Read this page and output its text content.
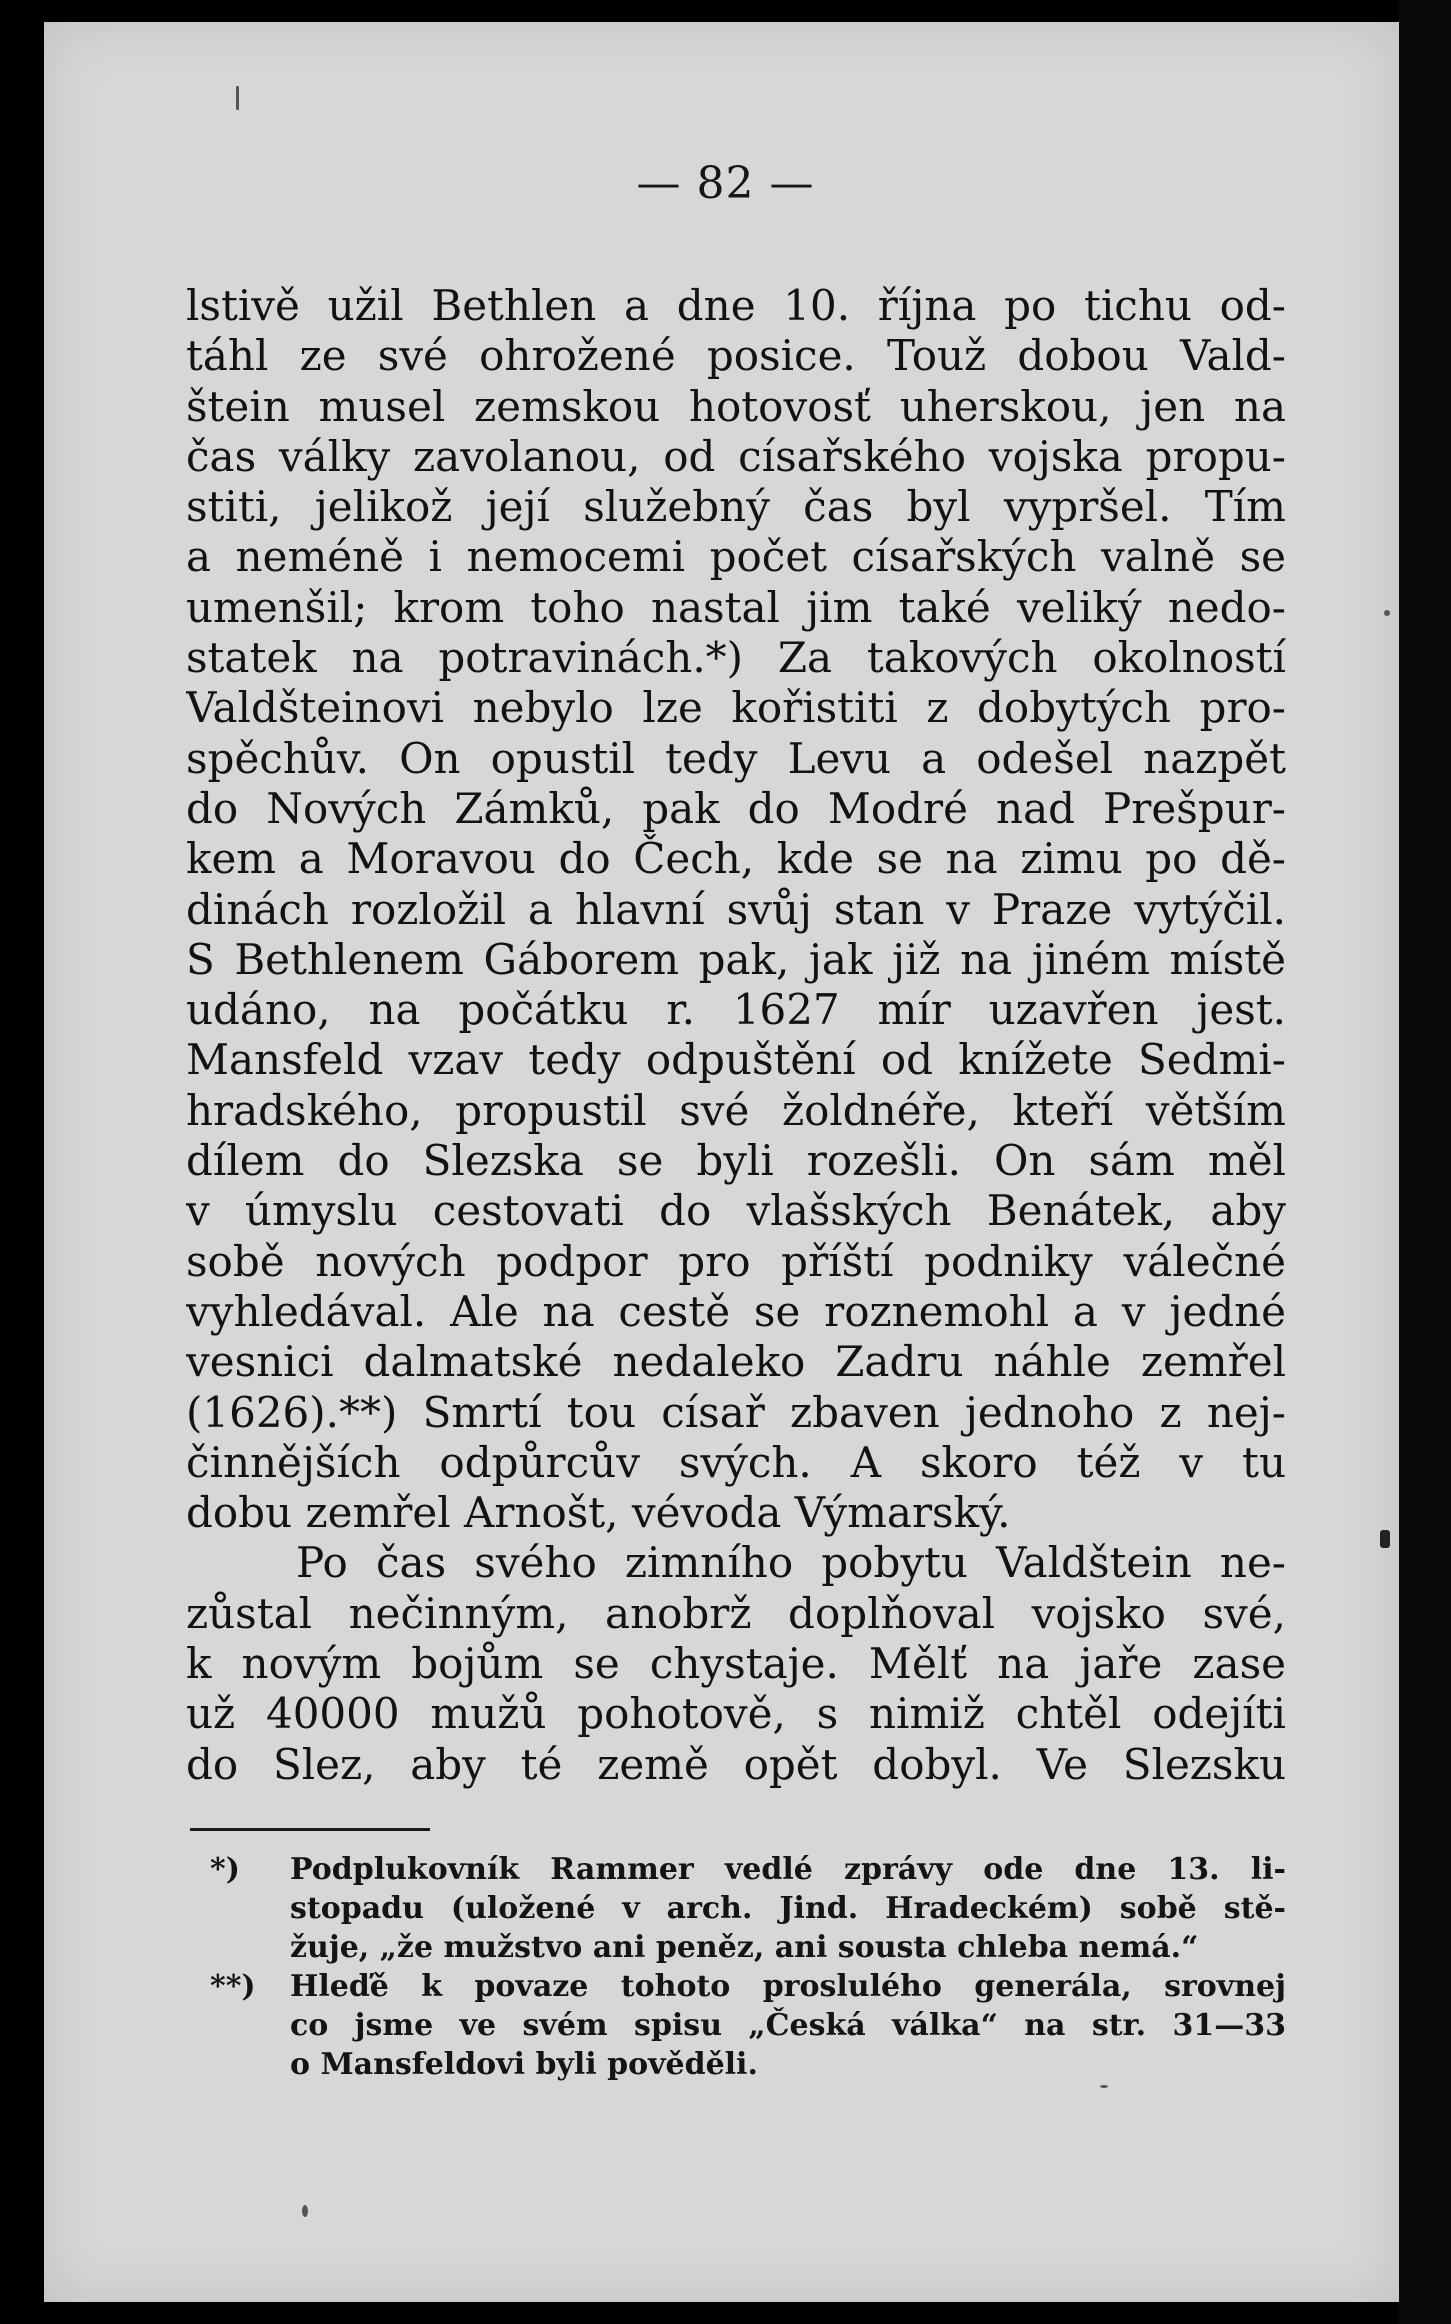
— 82 —
lstivě užil Bethlen a dne 10. října po tichu od-
táhl ze své ohrožené posice. Touž dobou Vald-
štein musel zemskou hotovosť uherskou, jen na
čas války zavolanou, od císařského vojska propu-
stiti, jelikož její služebný čas byl vypršel. Tím
a neméně i nemocemi počet císařských valně se
umenšil; krom toho nastal jim také veliký nedo-
statek na potravinách.*) Za takových okolností
Valdšteinovi nebylo lze kořistiti z dobytých pro-
spěchův. On opustil tedy Levu a odešel nazpět
do Nových Zámků, pak do Modré nad Prešpur-
kem a Moravou do Čech, kde se na zimu po dě-
dinách rozložil a hlavní svůj stan v Praze vytýčil.
S Bethlenem Gáborem pak, jak již na jiném místě
udáno, na počátku r. 1627 mír uzavřen jest.
Mansfeld vzav tedy odpuštění od knížete Sedmi-
hradského, propustil své žoldnéře, kteří větším
dílem do Slezska se byli rozešli. On sám měl
v úmyslu cestovati do vlašských Benátek, aby
sobě nových podpor pro příští podniky válečné
vyhledával. Ale na cestě se roznemohl a v jedné
vesnici dalmatské nedaleko Zadru náhle zemřel
(1626).**) Smrtí tou císař zbaven jednoho z nej-
činnějších odpůrcův svých. A skoro též v tu
dobu zemřel Arnošt, vévoda Výmarský.
Po čas svého zimního pobytu Valdštein ne-
zůstal nečinným, anobrž doplňoval vojsko své,
k novým bojům se chystaje. Mělť na jaře zase
už 40000 mužů pohotově, s nimiž chtěl odejíti
do Slez, aby té země opět dobyl. Ve Slezsku
*) Podplukovník Rammer vedlé zprávy ode dne 13. li-
stopadu (uložené v arch. Jind. Hradeckém) sobě stě-
žuje, „že mužstvo ani peněz, ani sousta chleba nemá.“
**) Hleďě k povaze tohoto proslulého generála, srovnej
co jsme ve svém spisu „Česká válka“ na str. 31—33
o Mansfeldovi byli pověděli.
